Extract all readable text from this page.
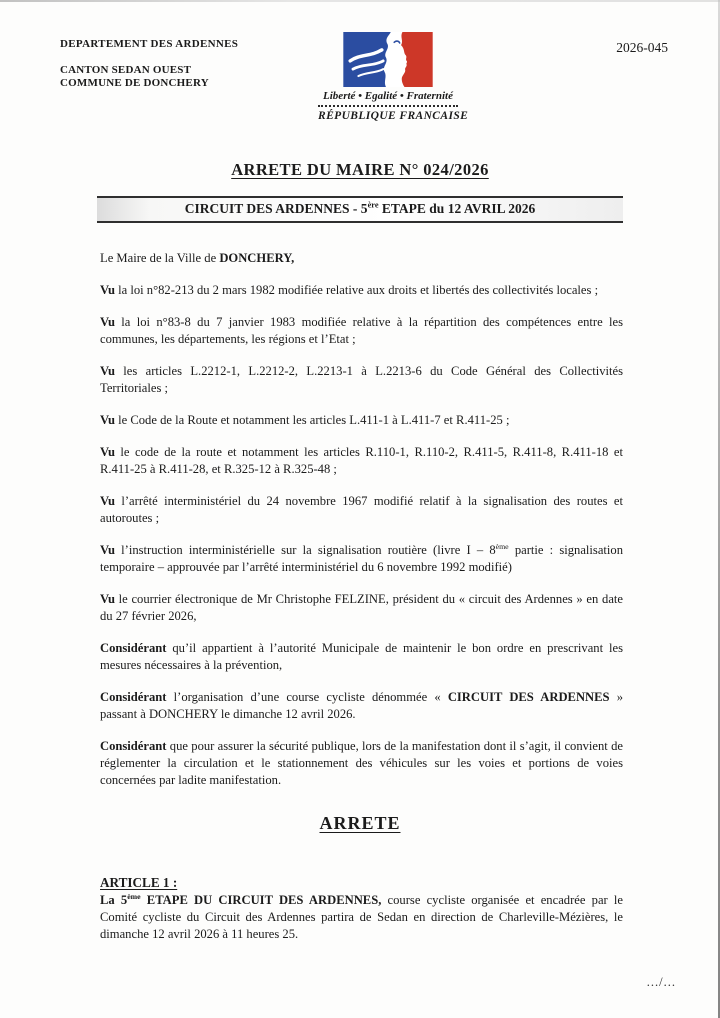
DEPARTEMENT DES ARDENNES
CANTON SEDAN OUEST
COMMUNE DE DONCHERY
Liberté • Egalité • Fraternité
RÉPUBLIQUE FRANCAISE
2026-045
ARRETE DU MAIRE N° 024/2026
CIRCUIT DES ARDENNES - 5ère ETAPE du 12 AVRIL 2026

Le Maire de la Ville de DONCHERY,

Vu la loi n°82-213 du 2 mars 1982 modifiée relative aux droits et libertés des collectivités locales ;

Vu la loi n°83-8 du 7 janvier 1983 modifiée relative à la répartition des compétences entre les communes, les départements, les régions et l’Etat ;

Vu les articles L.2212-1, L.2212-2, L.2213-1 à L.2213-6 du Code Général des Collectivités Territoriales ;

Vu le Code de la Route et notamment les articles L.411-1 à L.411-7 et R.411-25 ;

Vu le code de la route et notamment les articles R.110-1, R.110-2, R.411-5, R.411-8, R.411-18 et R.411-25 à R.411-28, et R.325-12 à R.325-48 ;

Vu l’arrêté interministériel du 24 novembre 1967 modifié relatif à la signalisation des routes et autoroutes ;

Vu l’instruction interministérielle sur la signalisation routière (livre I – 8ème partie : signalisation temporaire – approuvée par l’arrêté interministériel du 6 novembre 1992 modifié)

Vu le courrier électronique de Mr Christophe FELZINE, président du « circuit des Ardennes » en date du 27 février 2026,

Considérant qu’il appartient à l’autorité Municipale de maintenir le bon ordre en prescrivant les mesures nécessaires à la prévention,

Considérant l’organisation d’une course cycliste dénommée « CIRCUIT DES ARDENNES » passant à DONCHERY le dimanche 12 avril 2026.

Considérant que pour assurer la sécurité publique, lors de la manifestation dont il s’agit, il convient de réglementer la circulation et le stationnement des véhicules sur les voies et portions de voies concernées par ladite manifestation.

ARRETE
ARTICLE 1 :

La 5ème ETAPE DU CIRCUIT DES ARDENNES, course cycliste organisée et encadrée par le Comité cycliste du Circuit des Ardennes partira de Sedan en direction de Charleville-Mézières, le dimanche 12 avril 2026 à 11 heures 25.

.../...
